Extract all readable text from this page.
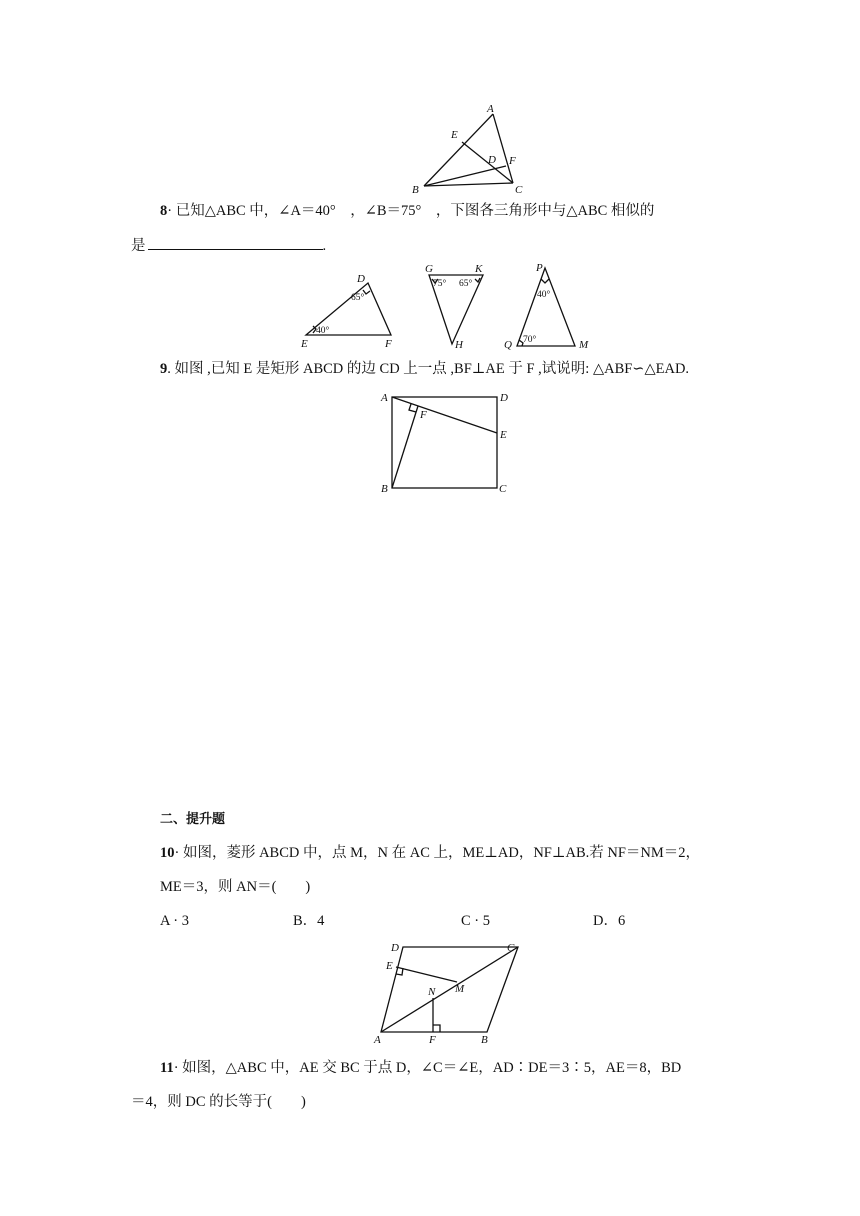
A
B	C
D
E
F
8· 已知△ABC 中，∠A＝40°　，∠B＝75°　，下图各三角形中与△ABC 相似的
是	.
D
E	F
65°
40°
G	K
H
75° 65°
P
Q	M
40°
70°
9. 如图 ,已知 E 是矩形 ABCD 的边 CD 上一点 ,BF⊥AE 于 F ,试说明: △ABF∽△EAD.
A	D
E
F
B	C
二、提升题
10· 如图，菱形 ABCD 中，点 M，N 在 AC 上，ME⊥AD，NF⊥AB.若 NF＝NM＝2，
ME＝3，则 AN＝(　　)
A · 3	B．4	C · 5	D．6
D	C
E
M
N
A	F	B
11· 如图，△ABC 中，AE 交 BC 于点 D，∠C＝∠E，AD∶DE＝3∶5，AE＝8，BD
＝4，则 DC 的长等于(　　)
